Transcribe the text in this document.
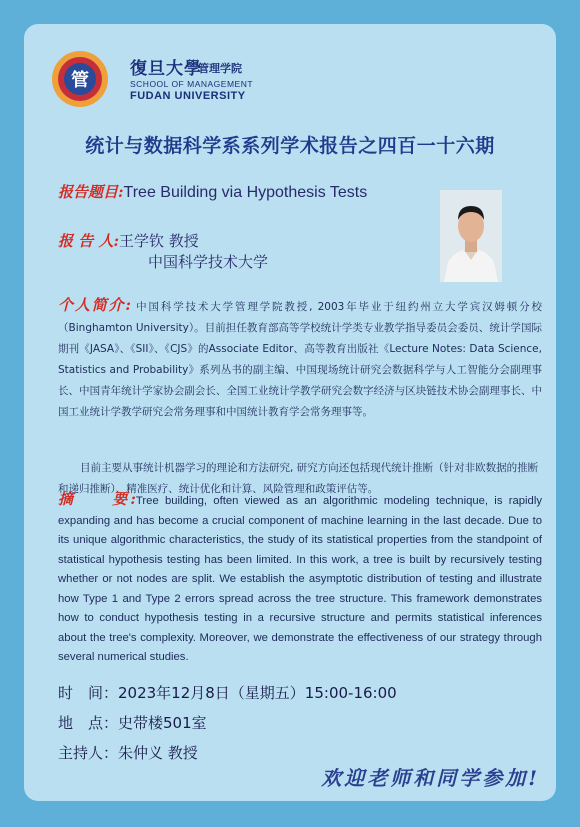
管
復旦大學
管理学院
SCHOOL OF MANAGEMENT
FUDAN UNIVERSITY
统计与数据科学系系列学术报告之四百一十六期
报告题目:Tree Building via Hypothesis Tests
报 告 人:王学钦 教授
中国科学技术大学
个人简介: 中国科学技术大学管理学院教授, 2003年毕业于纽约州立大学宾汉姆顿分校（Binghamton University）。目前担任教育部高等学校统计学类专业教学指导委员会委员、统计学国际期刊《JASA》、《SII》、《CJS》的Associate Editor、高等教育出版社《Lecture Notes: Data Science, Statistics and Probability》系列丛书的副主编、中国现场统计研究会数据科学与人工智能分会副理事长、中国青年统计学家协会副会长、全国工业统计学教学研究会数字经济与区块链技术协会副理事长、中国工业统计学教学研究会常务理事和中国统计教育学会常务理事等。
目前主要从事统计机器学习的理论和方法研究, 研究方向还包括现代统计推断（针对非欧数据的推断和递归推断）、精准医疗、统计优化和计算、风险管理和政策评估等。
摘　　要:Tree building, often viewed as an algorithmic modeling technique, is rapidly expanding and has become a crucial component of machine learning in the last decade. Due to its unique algorithmic characteristics, the study of its statistical properties from the standpoint of statistical hypothesis testing has been limited. In this work, a tree is built by recursively testing whether or not nodes are split. We establish the asymptotic distribution of testing and illustrate how Type 1 and Type 2 errors spread across the tree structure. This framework demonstrates how to conduct hypothesis testing in a recursive structure and permits statistical inferences about the tree's complexity. Moreover, we demonstrate the effectiveness of our strategy through several numerical studies.
时　间：2023年12月8日（星期五）15:00-16:00
地　点：史带楼501室
主持人：朱仲义 教授
欢迎老师和同学参加!
